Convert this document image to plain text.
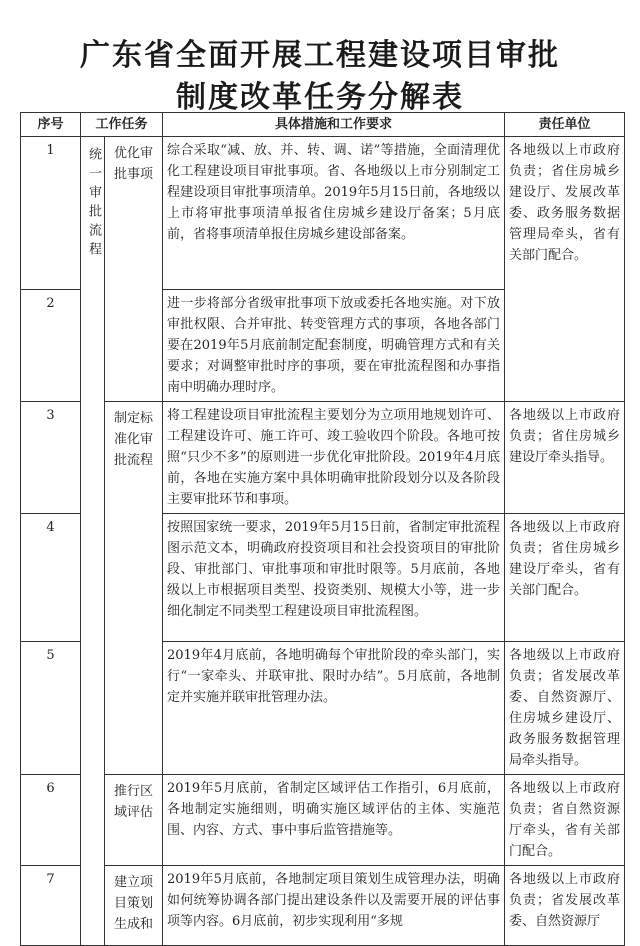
广东省全面开展工程建设项目审批
制度改革任务分解表
序号	工作任务		具体措施和工作要求	责任单位
1	统一审批流程	优化审批事项	综合采取“减、放、并、转、调、诺”等措施，全面清理优化工程建设项目审批事项。省、各地级以上市分别制定工程建设项目审批事项清单。2019年5月15日前，各地级以上市将审批事项清单报省住房城乡建设厅备案；5月底前，省将事项清单报住房城乡建设部备案。	各地级以上市政府负责；省住房城乡建设厅、发展改革委、政务服务数据管理局牵头，省有关部门配合。
2			进一步将部分省级审批事项下放或委托各地实施。对下放审批权限、合并审批、转变管理方式的事项，各地各部门要在2019年5月底前制定配套制度，明确管理方式和有关要求；对调整审批时序的事项，要在审批流程图和办事指南中明确办理时序。	
3		制定标准化审批流程	将工程建设项目审批流程主要划分为立项用地规划许可、工程建设许可、施工许可、竣工验收四个阶段。各地可按照“只少不多”的原则进一步优化审批阶段。2019年4月底前，各地在实施方案中具体明确审批阶段划分以及各阶段主要审批环节和事项。	各地级以上市政府负责；省住房城乡建设厅牵头指导。
4			按照国家统一要求，2019年5月15日前，省制定审批流程图示范文本，明确政府投资项目和社会投资项目的审批阶段、审批部门、审批事项和审批时限等。5月底前，各地级以上市根据项目类型、投资类别、规模大小等，进一步细化制定不同类型工程建设项目审批流程图。	各地级以上市政府负责；省住房城乡建设厅牵头，省有关部门配合。
5			2019年4月底前，各地明确每个审批阶段的牵头部门，实行“一家牵头、并联审批、限时办结”。5月底前，各地制定并实施并联审批管理办法。	各地级以上市政府负责；省发展改革委、自然资源厅、住房城乡建设厅、政务服务数据管理局牵头指导。
6		推行区域评估	2019年5月底前，省制定区域评估工作指引，6月底前，各地制定实施细则，明确实施区域评估的主体、实施范围、内容、方式、事中事后监管措施等。	各地级以上市政府负责；省自然资源厅牵头，省有关部门配合。
7		建立项目策划生成和	2019年5月底前，各地制定项目策划生成管理办法，明确如何统筹协调各部门提出建设条件以及需要开展的评估事项等内容。6月底前，初步实现利用“多规	各地级以上市政府负责；省发展改革委、自然资源厅
